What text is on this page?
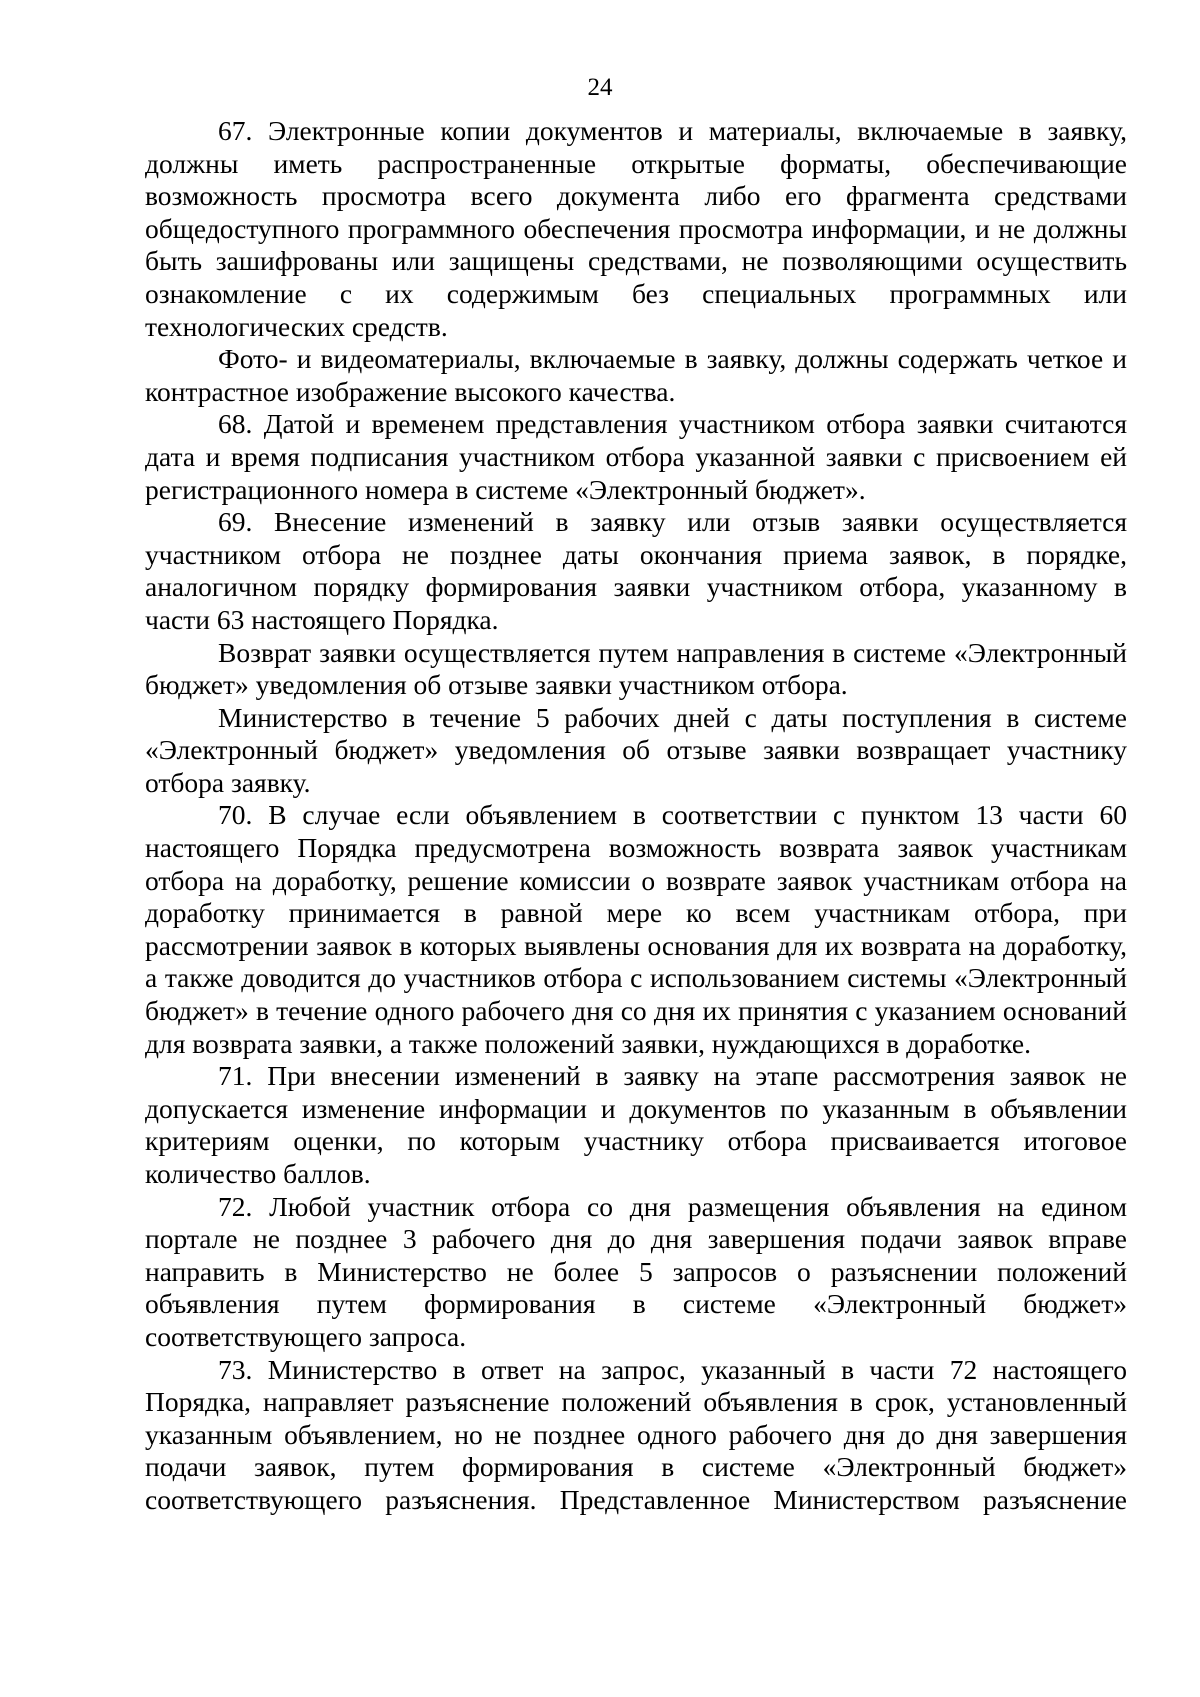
24

67. Электронные копии документов и материалы, включаемые в заявку, должны иметь распространенные открытые форматы, обеспечивающие возможность просмотра всего документа либо его фрагмента средствами общедоступного программного обеспечения просмотра информации, и не должны быть зашифрованы или защищены средствами, не позволяющими осуществить ознакомление с их содержимым без специальных программных или технологических средств.

Фото- и видеоматериалы, включаемые в заявку, должны содержать четкое и контрастное изображение высокого качества.

68. Датой и временем представления участником отбора заявки считаются дата и время подписания участником отбора указанной заявки с присвоением ей регистрационного номера в системе «Электронный бюджет».

69. Внесение изменений в заявку или отзыв заявки осуществляется участником отбора не позднее даты окончания приема заявок, в порядке, аналогичном порядку формирования заявки участником отбора, указанному в части 63 настоящего Порядка.

Возврат заявки осуществляется путем направления в системе «Электронный бюджет» уведомления об отзыве заявки участником отбора.

Министерство в течение 5 рабочих дней с даты поступления в системе «Электронный бюджет» уведомления об отзыве заявки возвращает участнику отбора заявку.

70. В случае если объявлением в соответствии с пунктом 13 части 60 настоящего Порядка предусмотрена возможность возврата заявок участникам отбора на доработку, решение комиссии о возврате заявок участникам отбора на доработку принимается в равной мере ко всем участникам отбора, при рассмотрении заявок в которых выявлены основания для их возврата на доработку, а также доводится до участников отбора с использованием системы «Электронный бюджет» в течение одного рабочего дня со дня их принятия с указанием оснований для возврата заявки, а также положений заявки, нуждающихся в доработке.

71. При внесении изменений в заявку на этапе рассмотрения заявок не допускается изменение информации и документов по указанным в объявлении критериям оценки, по которым участнику отбора присваивается итоговое количество баллов.

72. Любой участник отбора со дня размещения объявления на едином портале не позднее 3 рабочего дня до дня завершения подачи заявок вправе направить в Министерство не более 5 запросов о разъяснении положений объявления путем формирования в системе «Электронный бюджет» соответствующего запроса.

73. Министерство в ответ на запрос, указанный в части 72 настоящего Порядка, направляет разъяснение положений объявления в срок, установленный указанным объявлением, но не позднее одного рабочего дня до дня завершения подачи заявок, путем формирования в системе «Электронный бюджет» соответствующего разъяснения. Представленное Министерством разъяснение
